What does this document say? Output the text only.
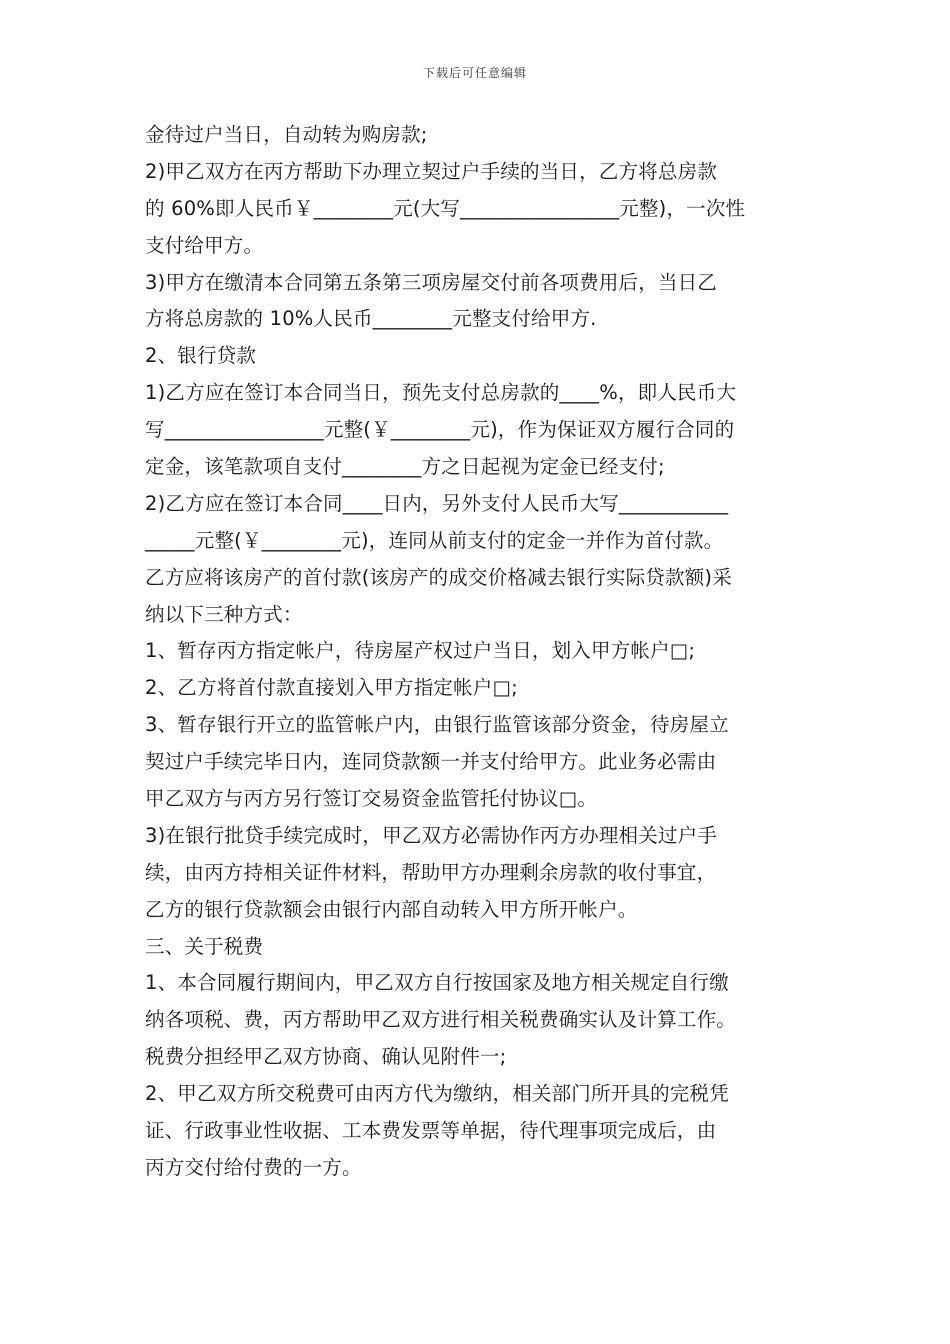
下载后可任意编辑
金待过户当日，自动转为购房款;
2)甲乙双方在丙方帮助下办理立契过户手续的当日，乙方将总房款
的 60%即人民币￥________元(大写________________元整)，一次性
支付给甲方。
3)甲方在缴清本合同第五条第三项房屋交付前各项费用后，当日乙
方将总房款的 10%人民币________元整支付给甲方.
2、银行贷款
1)乙方应在签订本合同当日，预先支付总房款的____%，即人民币大
写________________元整(￥________元)，作为保证双方履行合同的
定金，该笔款项自支付________方之日起视为定金已经支付;
2)乙方应在签订本合同____日内，另外支付人民币大写___________
_____元整(￥________元)，连同从前支付的定金一并作为首付款。
乙方应将该房产的首付款(该房产的成交价格减去银行实际贷款额)采
纳以下三种方式：
1、暂存丙方指定帐户，待房屋产权过户当日，划入甲方帐户□;
2、乙方将首付款直接划入甲方指定帐户□;
3、暂存银行开立的监管帐户内，由银行监管该部分资金，待房屋立
契过户手续完毕日内，连同贷款额一并支付给甲方。此业务必需由
甲乙双方与丙方另行签订交易资金监管托付协议□。
3)在银行批贷手续完成时，甲乙双方必需协作丙方办理相关过户手
续，由丙方持相关证件材料，帮助甲方办理剩余房款的收付事宜，
乙方的银行贷款额会由银行内部自动转入甲方所开帐户。
三、关于税费
1、本合同履行期间内，甲乙双方自行按国家及地方相关规定自行缴
纳各项税、费，丙方帮助甲乙双方进行相关税费确实认及计算工作。
税费分担经甲乙双方协商、确认见附件一;
2、甲乙双方所交税费可由丙方代为缴纳，相关部门所开具的完税凭
证、行政事业性收据、工本费发票等单据，待代理事项完成后，由
丙方交付给付费的一方。
